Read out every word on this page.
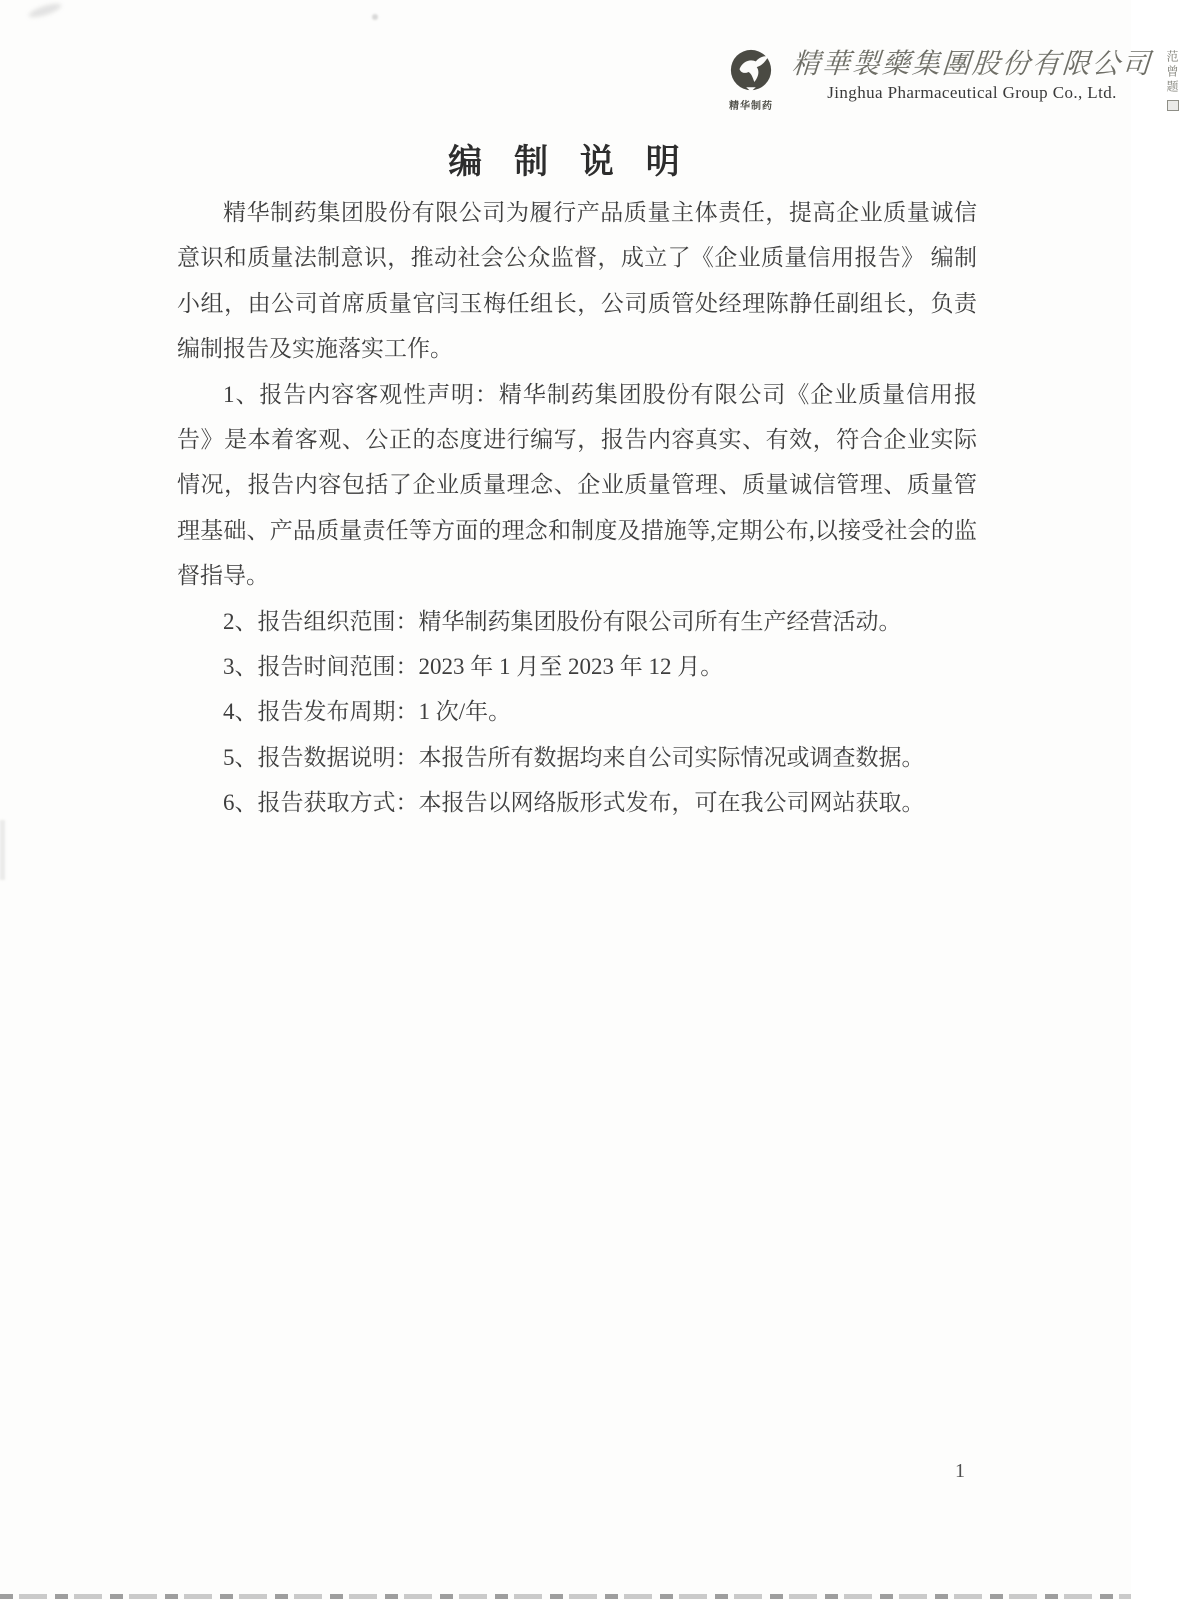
精华制药
精華製藥集團股份有限公司
Jinghua Pharmaceutical Group Co., Ltd.	范曾题
编 制 说 明

精华制药集团股份有限公司为履行产品质量主体责任，提高企业质量诚信意识和质量法制意识，推动社会公众监督，成立了《企业质量信用报告》 编制小组，由公司首席质量官闫玉梅任组长，公司质管处经理陈静任副组长，负责编制报告及实施落实工作。

1、报告内容客观性声明：精华制药集团股份有限公司《企业质量信用报告》是本着客观、公正的态度进行编写，报告内容真实、有效，符合企业实际情况，报告内容包括了企业质量理念、企业质量管理、质量诚信管理、质量管理基础、产品质量责任等方面的理念和制度及措施等,定期公布,以接受社会的监督指导。

2、报告组织范围：精华制药集团股份有限公司所有生产经营活动。

3、报告时间范围：2023 年 1 月至 2023 年 12 月。

4、报告发布周期：1 次/年。

5、报告数据说明：本报告所有数据均来自公司实际情况或调查数据。

6、报告获取方式：本报告以网络版形式发布，可在我公司网站获取。

1
